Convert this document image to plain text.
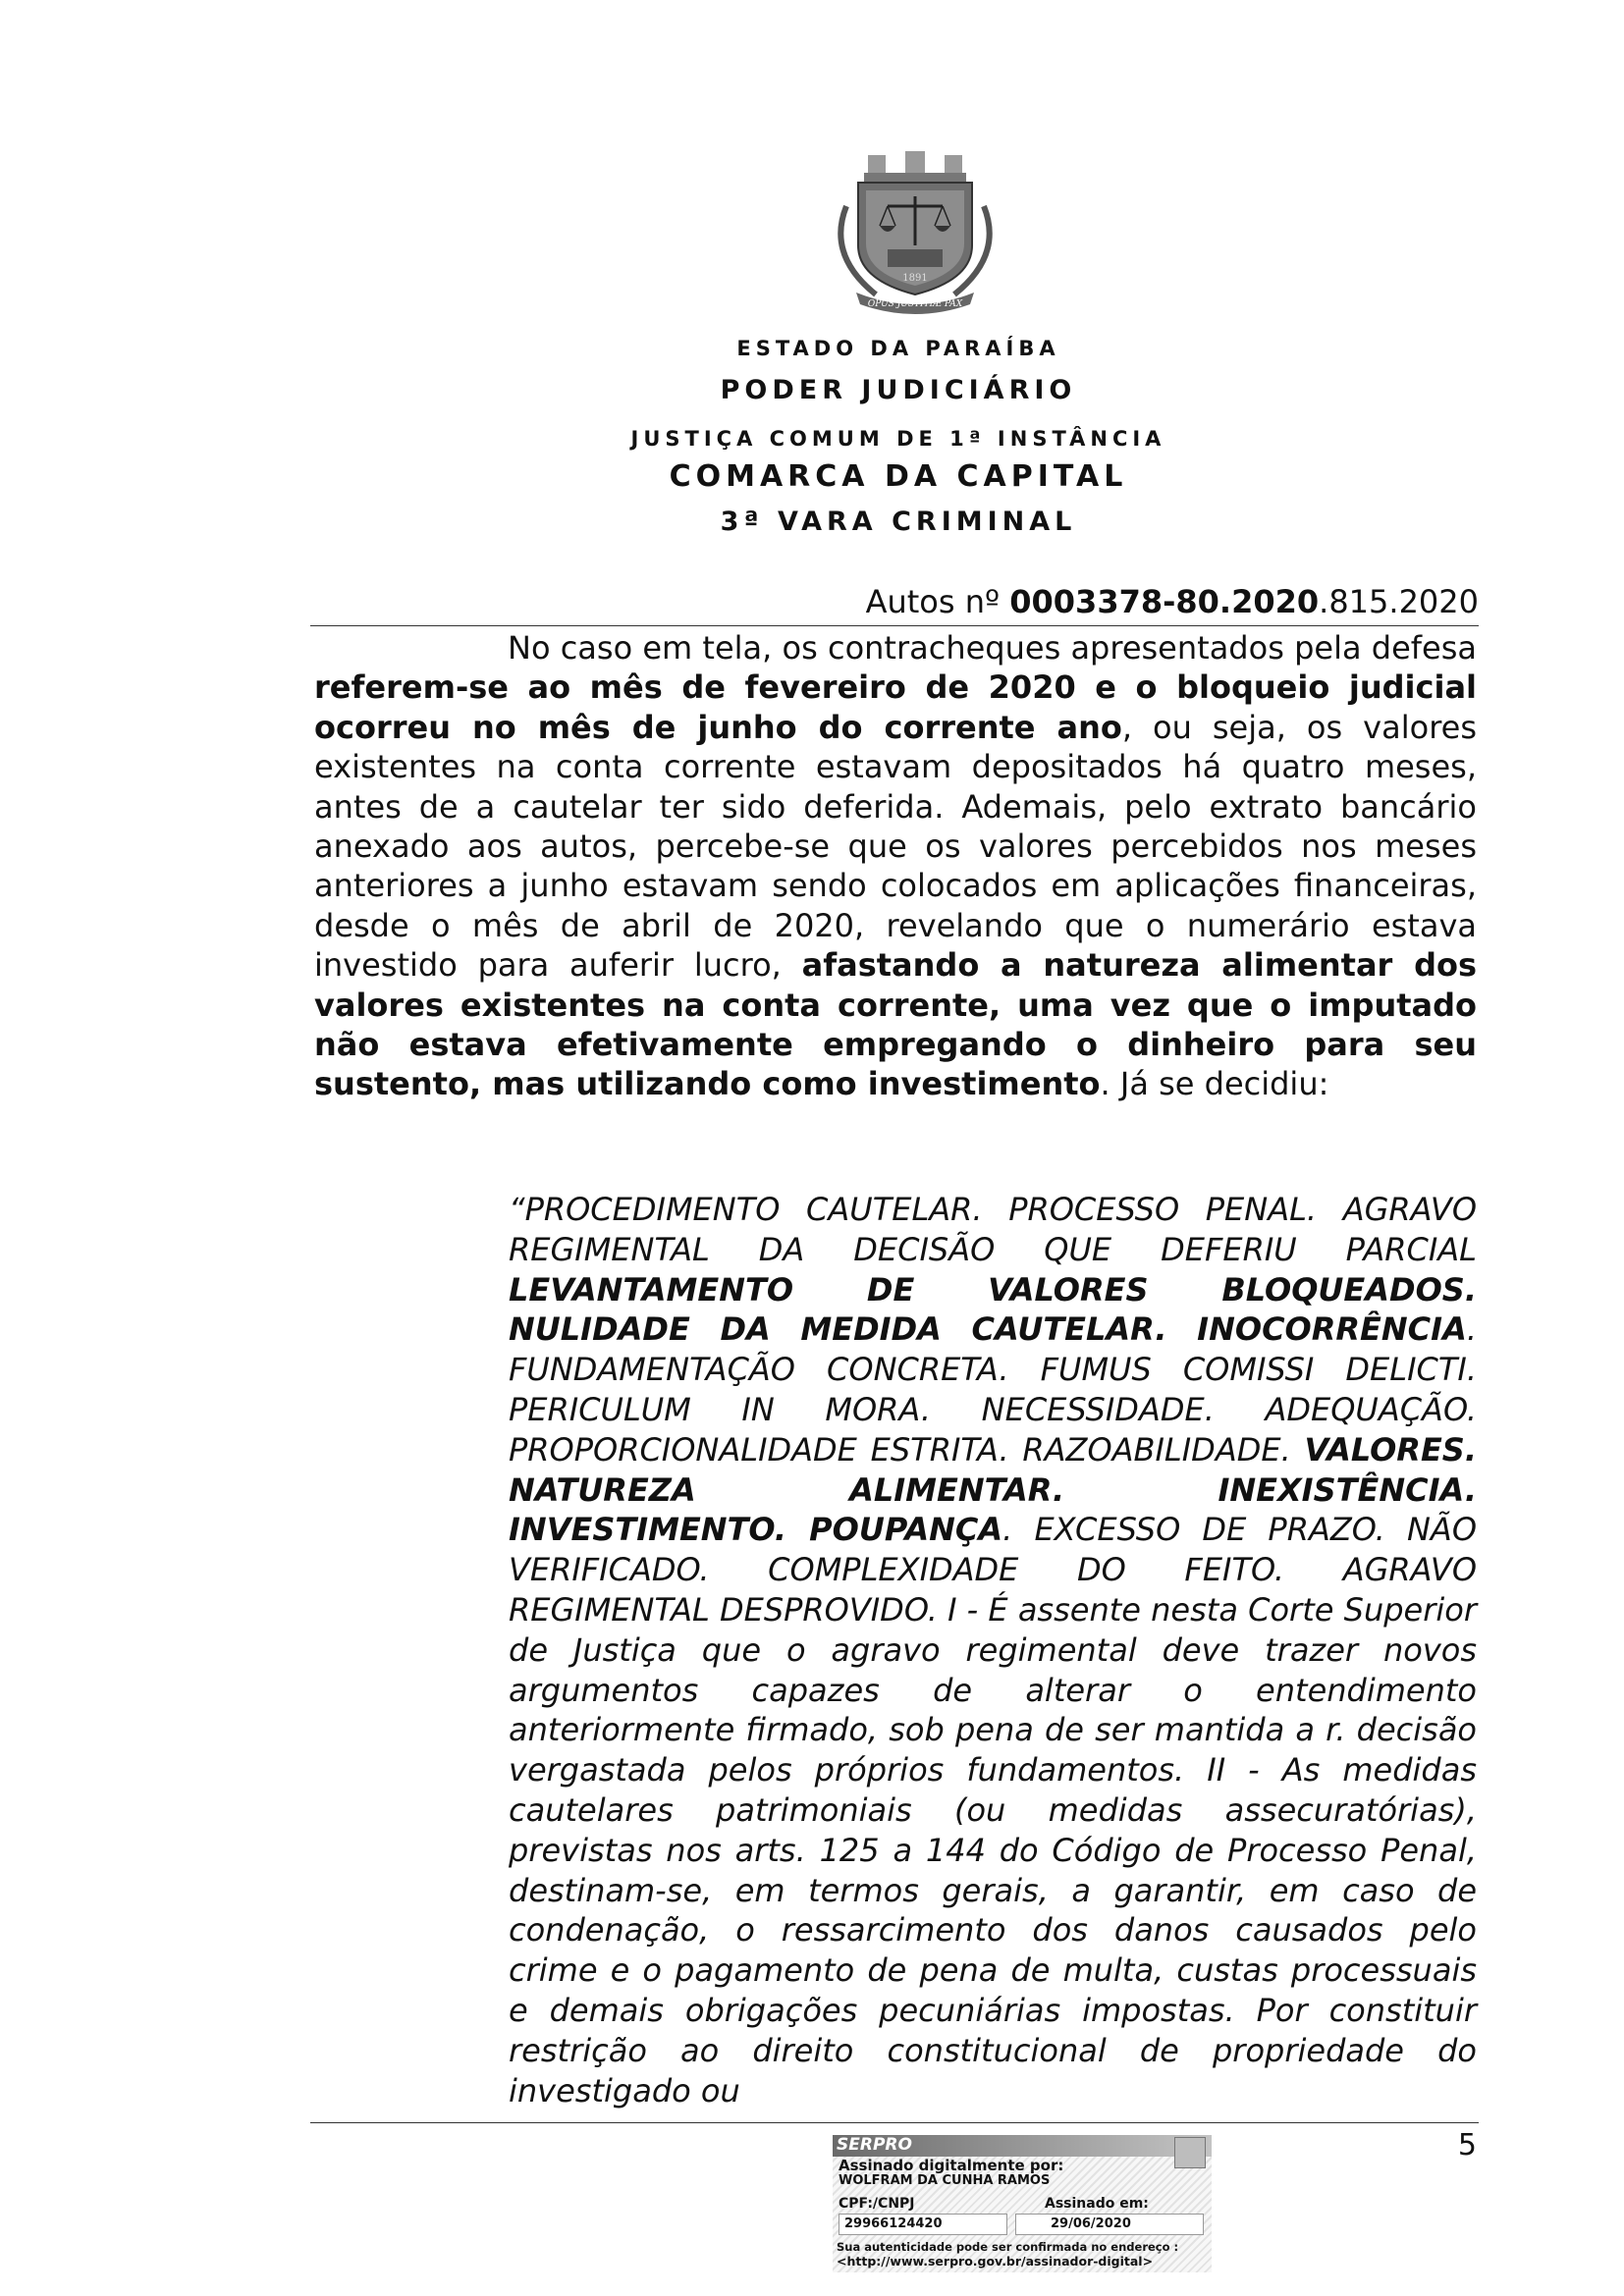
1891
OPUS JUSTITIÆ PAX
ESTADO DA PARAÍBA
PODER JUDICIÁRIO
JUSTIÇA COMUM DE 1ª INSTÂNCIA
COMARCA DA CAPITAL
3ª VARA CRIMINAL
Autos nº 0003378-80.2020.815.2020

No caso em tela, os contracheques apresentados pela defesa referem-se ao mês de fevereiro de 2020 e o bloqueio judicial ocorreu no mês de junho do corrente ano, ou seja, os valores existentes na conta corrente estavam depositados há quatro meses, antes de a cautelar ter sido deferida. Ademais, pelo extrato bancário anexado aos autos, percebe-se que os valores percebidos nos meses anteriores a junho estavam sendo colocados em aplicações financeiras, desde o mês de abril de 2020, revelando que o numerário estava investido para auferir lucro, afastando a natureza alimentar dos valores existentes na conta corrente, uma vez que o imputado não estava efetivamente empregando o dinheiro para seu sustento, mas utilizando como investimento. Já se decidiu:

“PROCEDIMENTO CAUTELAR. PROCESSO PENAL. AGRAVO REGIMENTAL DA DECISÃO QUE DEFERIU PARCIAL LEVANTAMENTO DE VALORES BLOQUEADOS. NULIDADE DA MEDIDA CAUTELAR. INOCORRÊNCIA. FUNDAMENTAÇÃO CONCRETA. FUMUS COMISSI DELICTI. PERICULUM IN MORA. NECESSIDADE. ADEQUAÇÃO. PROPORCIONALIDADE ESTRITA. RAZOABILIDADE. VALORES. NATUREZA ALIMENTAR. INEXISTÊNCIA. INVESTIMENTO. POUPANÇA. EXCESSO DE PRAZO. NÃO VERIFICADO. COMPLEXIDADE DO FEITO. AGRAVO REGIMENTAL DESPROVIDO. I - É assente nesta Corte Superior de Justiça que o agravo regimental deve trazer novos argumentos capazes de alterar o entendimento anteriormente firmado, sob pena de ser mantida a r. decisão vergastada pelos próprios fundamentos. II - As medidas cautelares patrimoniais (ou medidas assecuratórias), previstas nos arts. 125 a 144 do Código de Processo Penal, destinam-se, em termos gerais, a garantir, em caso de condenação, o ressarcimento dos danos causados pelo crime e o pagamento de pena de multa, custas processuais e demais obrigações pecuniárias impostas. Por constituir restrição ao direito constitucional de propriedade do investigado ou

5
SERPRO
Assinado digitalmente por:
WOLFRAM DA CUNHA RAMOS
CPF:/CNPJ	Assinado em:
29966124420	29/06/2020
Sua autenticidade pode ser confirmada no endereço :
<http://www.serpro.gov.br/assinador-digital>
